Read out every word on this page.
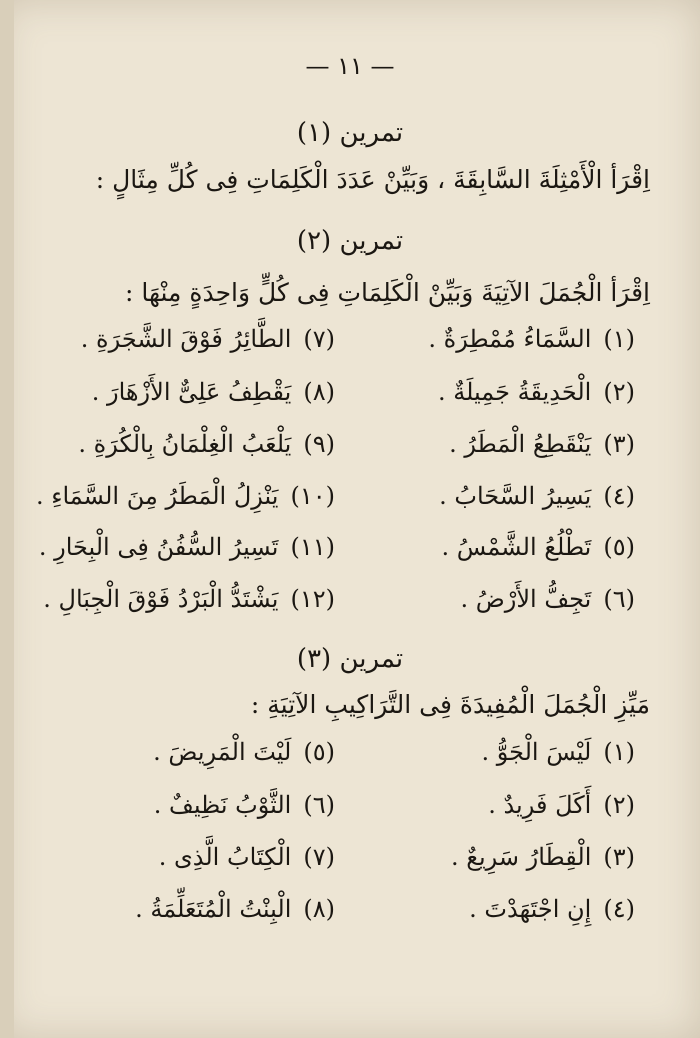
— ١١ —
تمرين (١)
اِقْرَأ الْأَمْثِلَةَ السَّابِقَةَ ، وَبَيِّنْ عَدَدَ الْكَلِمَاتِ فِى كُلِّ مِثَالٍ :
تمرين (٢)
اِقْرَأ الْجُمَلَ الآتِيَةَ وَبَيِّنْ الْكَلِمَاتِ فِى كُلٍّ وَاحِدَةٍ مِنْهَا :
(١)السَّمَاءُ مُمْطِرَةٌ .
(٧)الطَّائِرُ فَوْقَ الشَّجَرَةِ .
(٢)الْحَدِيقَةُ جَمِيلَةٌ .
(٨)يَقْطِفُ عَلِىٌّ الأَزْهَارَ .
(٣)يَنْقَطِعُ الْمَطَرُ .
(٩)يَلْعَبُ الْغِلْمَانُ بِالْكُرَةِ .
(٤)يَسِيرُ السَّحَابُ .
(١٠)يَنْزِلُ الْمَطَرُ مِنَ السَّمَاءِ .
(٥)تَطْلُعُ الشَّمْسُ .
(١١)تَسِيرُ السُّفُنُ فِى الْبِحَارِ .
(٦)تَجِفُّ الأَرْضُ .
(١٢)يَشْتَدُّ الْبَرْدُ فَوْقَ الْجِبَالِ .
تمرين (٣)
مَيِّزِ الْجُمَلَ الْمُفِيدَةَ فِى التَّرَاكِيبِ الآتِيَةِ :
(١)لَيْسَ الْجَوُّ .
(٥)لَيْتَ الْمَرِيضَ .
(٢)أَكَلَ فَرِيدٌ .
(٦)الثَّوْبُ نَظِيفٌ .
(٣)الْقِطَارُ سَرِيعٌ .
(٧)الْكِتَابُ الَّذِى .
(٤)إِنِ اجْتَهَدْتَ .
(٨)الْبِنْتُ الْمُتَعَلِّمَةُ .
